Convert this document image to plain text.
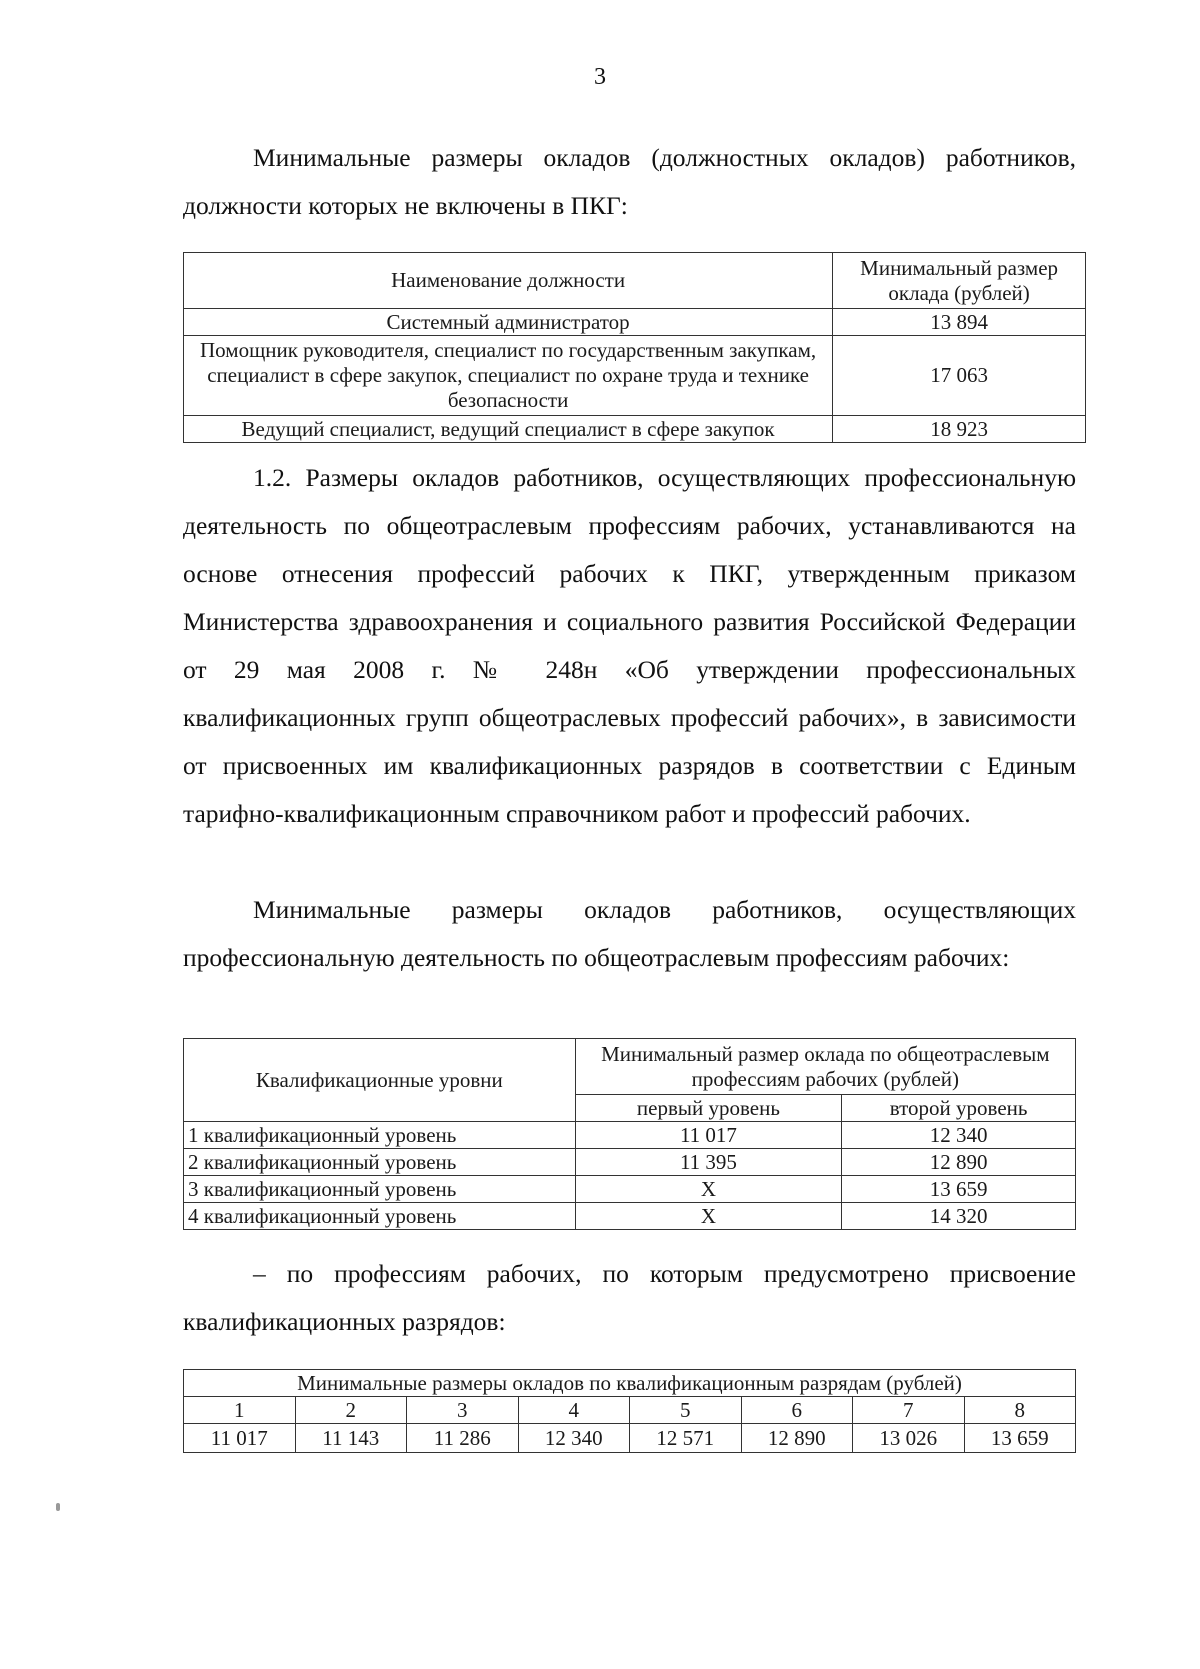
3
Минимальные размеры окладов (должностных окладов) работников, должности которых не включены в ПКГ:
Наименование должности	Минимальный размер оклада (рублей)
Системный администратор	13 894
Помощник руководителя, специалист по государственным закупкам, специалист в сфере закупок, специалист по охране труда и технике безопасности	17 063
Ведущий специалист, ведущий специалист в сфере закупок	18 923
1.2. Размеры окладов работников, осуществляющих профессиональную деятельность по общеотраслевым профессиям рабочих, устанавливаются на основе отнесения профессий рабочих к ПКГ, утвержденным приказом Министерства здравоохранения и социального развития Российской Федерации от 29 мая 2008 г. № 248н «Об утверждении профессиональных квалификационных групп общеотраслевых профессий рабочих», в зависимости от присвоенных им квалификационных разрядов в соответствии с Единым тарифно-квалификационным справочником работ и профессий рабочих.
Минимальные размеры окладов работников, осуществляющих профессиональную деятельность по общеотраслевым профессиям рабочих:
Квалификационные уровни	Минимальный размер оклада по общеотраслевым профессиям рабочих (рублей)	
	первый уровень	второй уровень
1 квалификационный уровень	11 017	12 340
2 квалификационный уровень	11 395	12 890
3 квалификационный уровень	Х	13 659
4 квалификационный уровень	Х	14 320
– по профессиям рабочих, по которым предусмотрено присвоение квалификационных разрядов:
Минимальные размеры окладов по квалификационным разрядам (рублей)							
1	2	3	4	5	6	7	8
11 017	11 143	11 286	12 340	12 571	12 890	13 026	13 659
